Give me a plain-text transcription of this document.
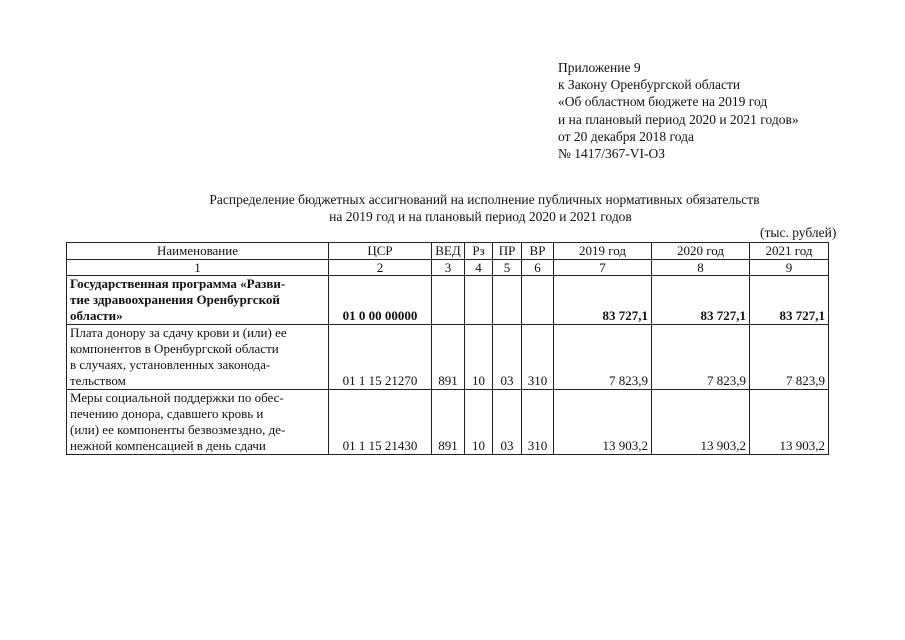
Приложение 9
к Закону Оренбургской области
«Об областном бюджете на 2019 год
и на плановый период 2020 и 2021 годов»
от 20 декабря 2018 года
№ 1417/367-VI-ОЗ
Распределение бюджетных ассигнований на исполнение публичных нормативных обязательств
на 2019 год и на плановый период 2020 и 2021 годов
(тыс. рублей)
Наименование	ЦСР	ВЕД	Рз	ПР	ВР	2019 год	2020 год	2021 год
1	2	3	4	5	6	7	8	9
Государственная программа «Разви-
тие здравоохранения Оренбургской
области»	01 0 00 00000					83 727,1	83 727,1	83 727,1
Плата донору за сдачу крови и (или) ее
компонентов в Оренбургской области
в случаях, установленных законода-
тельством	01 1 15 21270	891	10	03	310	7 823,9	7 823,9	7 823,9
Меры социальной поддержки по обес-
печению донора, сдавшего кровь и
(или) ее компоненты безвозмездно, де-
нежной компенсацией в день сдачи	01 1 15 21430	891	10	03	310	13 903,2	13 903,2	13 903,2
